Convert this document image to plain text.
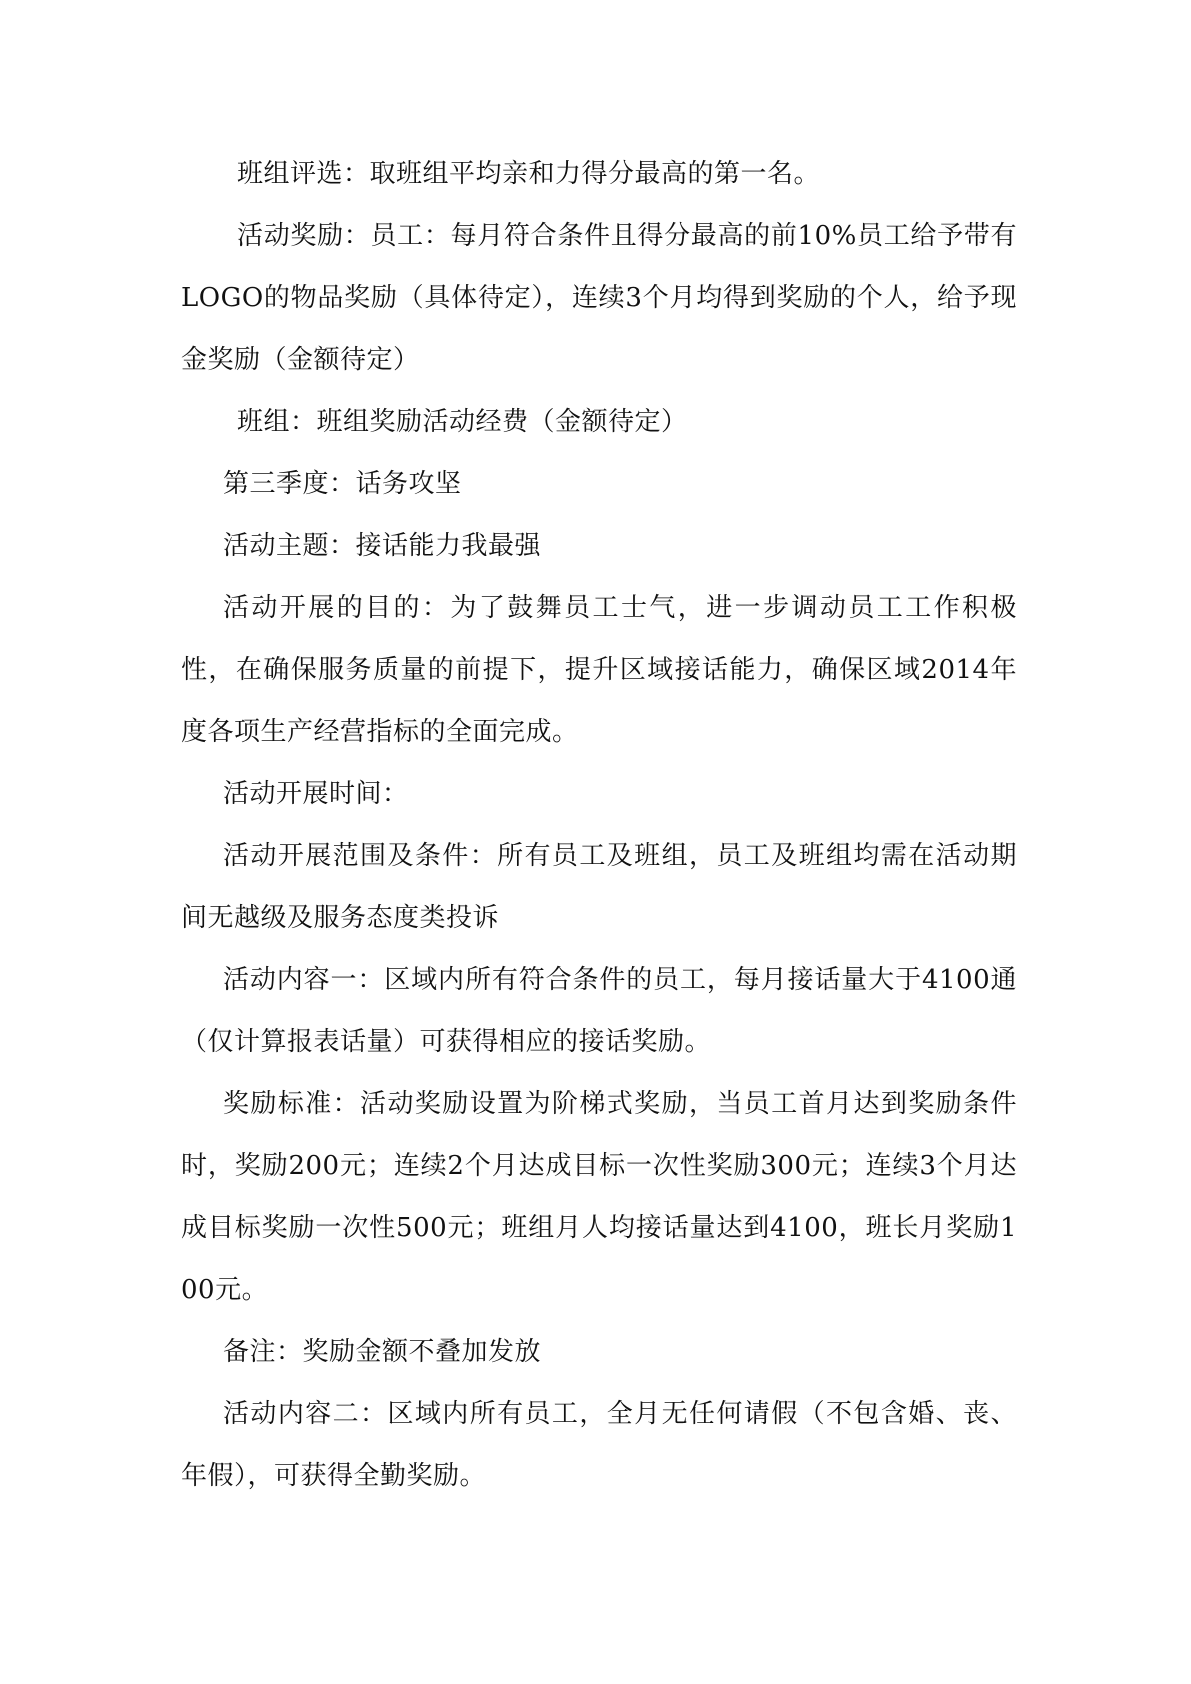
班组评选：取班组平均亲和力得分最高的第一名。

活动奖励：员工：每月符合条件且得分最高的前10%员工给予带有LOGO的物品奖励（具体待定），连续3个月均得到奖励的个人，给予现金奖励（金额待定）

班组：班组奖励活动经费（金额待定）

第三季度：话务攻坚

活动主题：接话能力我最强

活动开展的目的：为了鼓舞员工士气，进一步调动员工工作积极性，在确保服务质量的前提下，提升区域接话能力，确保区域2014年度各项生产经营指标的全面完成。

活动开展时间：

活动开展范围及条件：所有员工及班组，员工及班组均需在活动期间无越级及服务态度类投诉

活动内容一：区域内所有符合条件的员工，每月接话量大于4100通（仅计算报表话量）可获得相应的接话奖励。

奖励标准：活动奖励设置为阶梯式奖励，当员工首月达到奖励条件时，奖励200元；连续2个月达成目标一次性奖励300元；连续3个月达成目标奖励一次性500元；班组月人均接话量达到4100，班长月奖励100元。

备注：奖励金额不叠加发放

活动内容二：区域内所有员工，全月无任何请假（不包含婚、丧、年假），可获得全勤奖励。
